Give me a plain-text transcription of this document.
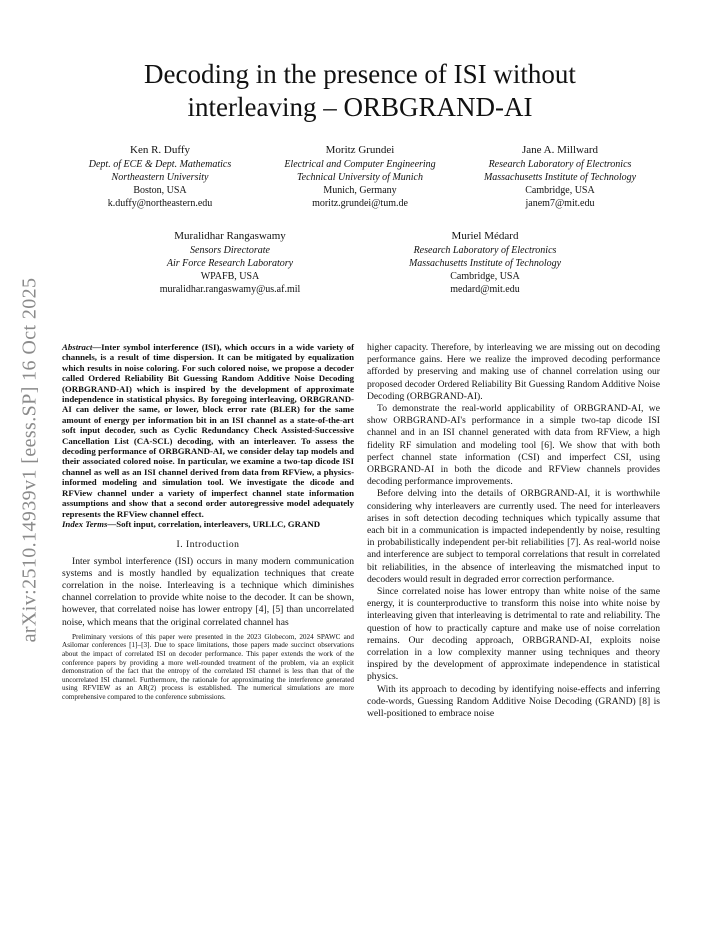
arXiv:2510.14939v1 [eess.SP] 16 Oct 2025
Decoding in the presence of ISI without interleaving – ORBGRAND-AI
Ken R. Duffy
Dept. of ECE & Dept. Mathematics
Northeastern University
Boston, USA
k.duffy@northeastern.edu
Moritz Grundei
Electrical and Computer Engineering
Technical University of Munich
Munich, Germany
moritz.grundei@tum.de
Jane A. Millward
Research Laboratory of Electronics
Massachusetts Institute of Technology
Cambridge, USA
janem7@mit.edu
Muralidhar Rangaswamy
Sensors Directorate
Air Force Research Laboratory
WPAFB, USA
muralidhar.rangaswamy@us.af.mil
Muriel Médard
Research Laboratory of Electronics
Massachusetts Institute of Technology
Cambridge, USA
medard@mit.edu
Abstract—Inter symbol interference (ISI), which occurs in a wide variety of channels, is a result of time dispersion. It can be mitigated by equalization which results in noise coloring. For such colored noise, we propose a decoder called Ordered Reliability Bit Guessing Random Additive Noise Decoding (ORBGRAND-AI) which is inspired by the development of approximate independence in statistical physics. By foregoing interleaving, ORBGRAND-AI can deliver the same, or lower, block error rate (BLER) for the same amount of energy per information bit in an ISI channel as a state-of-the-art soft input decoder, such as Cyclic Redundancy Check Assisted-Successive Cancellation List (CA-SCL) decoding, with an interleaver. To assess the decoding performance of ORBGRAND-AI, we consider delay tap models and their associated colored noise. In particular, we examine a two-tap dicode ISI channel as well as an ISI channel derived from data from RFView, a physics-informed modeling and simulation tool. We investigate the dicode and RFView channel under a variety of imperfect channel state information assumptions and show that a second order autoregressive model adequately represents the RFView channel effect.
Index Terms—Soft input, correlation, interleavers, URLLC, GRAND
I. Introduction

Inter symbol interference (ISI) occurs in many modern communication systems and is mostly handled by equalization techniques that create correlation in the noise. Interleaving is a technique which diminishes channel correlation to provide white noise to the decoder. It can be shown, however, that correlated noise has lower entropy [4], [5] than uncorrelated noise, which means that the original correlated channel has

Preliminary versions of this paper were presented in the 2023 Globecom, 2024 SPAWC and Asilomar conferences [1]–[3]. Due to space limitations, those papers made succinct observations about the impact of correlated ISI on decoder performance. This paper extends the work of the conference papers by providing a more well-rounded treatment of the problem, via an explicit demonstration of the fact that the entropy of the correlated ISI channel is less than that of the uncorrelated ISI channel. Furthermore, the rationale for approximating the interference generated using RFVIEW as an AR(2) process is established. The numerical simulations are more comprehensive compared to the conference submissions.

higher capacity. Therefore, by interleaving we are missing out on decoding performance gains. Here we realize the improved decoding performance afforded by preserving and making use of channel correlation using our proposed decoder Ordered Reliability Bit Guessing Random Additive Noise Decoding (ORBGRAND-AI).

To demonstrate the real-world applicability of ORBGRAND-AI, we show ORBGRAND-AI's performance in a simple two-tap dicode ISI channel and in an ISI channel generated with data from RFView, a high fidelity RF simulation and modeling tool [6]. We show that with both perfect channel state information (CSI) and imperfect CSI, using ORBGRAND-AI in both the dicode and RFView channels provides decoding performance improvements.

Before delving into the details of ORBGRAND-AI, it is worthwhile considering why interleavers are currently used. The need for interleavers arises in soft detection decoding techniques which typically assume that each bit in a communication is impacted independently by noise, resulting in probabilistically independent per-bit reliabilities [7]. As real-world noise and interference are subject to temporal correlations that result in correlated bit reliabilities, in the absence of interleaving the mismatched input to decoders would result in degraded error correction performance.

Since correlated noise has lower entropy than white noise of the same energy, it is counterproductive to transform this noise into white noise by interleaving given that interleaving is detrimental to rate and reliability. The question of how to practically capture and make use of noise correlation remains. Our decoding approach, ORBGRAND-AI, exploits noise correlation in a low complexity manner using techniques and theory inspired by the development of approximate independence in statistical physics.

With its approach to decoding by identifying noise-effects and inferring code-words, Guessing Random Additive Noise Decoding (GRAND) [8] is well-positioned to embrace noise
